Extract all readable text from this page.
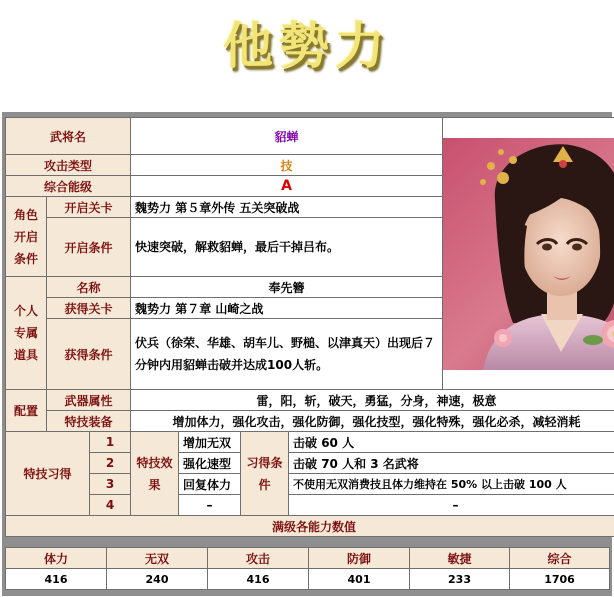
他勢力
武将名			貂蝉	

攻击类型			技				
综合能级			A				
角色开启条件	开启关卡		魏势力 第５章外传 五关突破战				
	开启条件		快速突破，解救貂蝉，最后干掉吕布。				
个人专属道具	名称		奉先簪				
	获得关卡		魏势力 第７章 山崎之战				
	获得条件		伏兵（徐荣、华雄、胡车儿、野槌、以津真天）出现后７分钟内用貂蝉击破并达成100人斩。				
配置	武器属性		雷，阳，斩，破天，勇猛，分身，神速，极意				
	特技装备		增加体力，强化攻击，强化防御，强化技型，强化特殊，强化必杀，减轻消耗				
特技习得		1	特技效果	增加无双	习得条件	击破 60 人	
		2		强化速型		击破 70 人和 3 名武将	
		3		回复体力		不使用无双消费技且体力维持在 50% 以上击破 100 人	
		4		–		–	
满级各能力数值							
体力	无双	攻击	防御	敏捷	综合
416	240	416	401	233	1706
